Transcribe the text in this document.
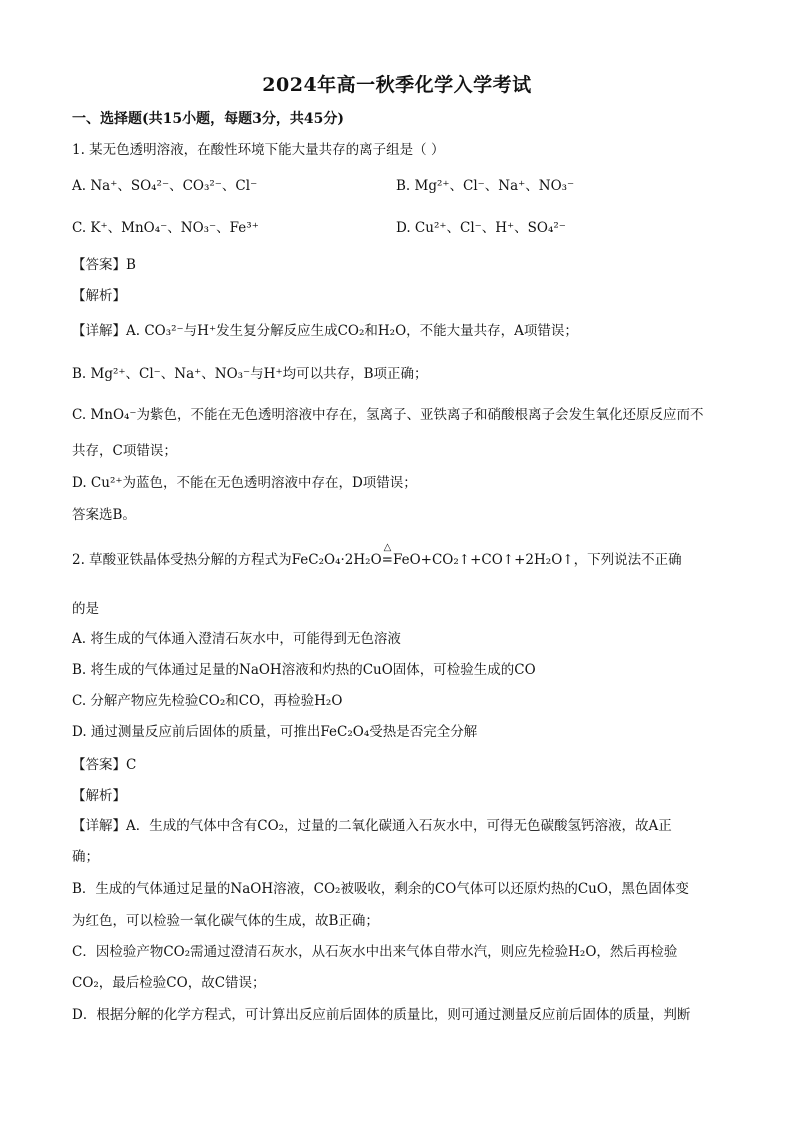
2024年高一秋季化学入学考试
一、选择题(共15小题，每题3分，共45分)
1. 某无色透明溶液，在酸性环境下能大量共存的离子组是（ ）
A. Na⁺、SO₄²⁻、CO₃²⁻、Cl⁻	B. Mg²⁺、Cl⁻、Na⁺、NO₃⁻
C. K⁺、MnO₄⁻、NO₃⁻、Fe³⁺	D. Cu²⁺、Cl⁻、H⁺、SO₄²⁻
【答案】B
【解析】
【详解】A. CO₃²⁻与H⁺发生复分解反应生成CO₂和H₂O，不能大量共存，A项错误；
B. Mg²⁺、Cl⁻、Na⁺、NO₃⁻与H⁺均可以共存，B项正确；
C. MnO₄⁻为紫色，不能在无色透明溶液中存在，氢离子、亚铁离子和硝酸根离子会发生氧化还原反应而不
共存，C项错误；
D. Cu²⁺为蓝色，不能在无色透明溶液中存在，D项错误；
答案选B。
2. 草酸亚铁晶体受热分解的方程式为FeC₂O₄·2H₂O
△
=FeO+CO₂↑+CO↑+2H₂O↑，下列说法不正确
的是
A. 将生成的气体通入澄清石灰水中，可能得到无色溶液
B. 将生成的气体通过足量的NaOH溶液和灼热的CuO固体，可检验生成的CO
C. 分解产物应先检验CO₂和CO，再检验H₂O
D. 通过测量反应前后固体的质量，可推出FeC₂O₄受热是否完全分解
【答案】C
【解析】
【详解】A．生成的气体中含有CO₂，过量的二氧化碳通入石灰水中，可得无色碳酸氢钙溶液，故A正
确；
B．生成的气体通过足量的NaOH溶液，CO₂被吸收，剩余的CO气体可以还原灼热的CuO，黑色固体变
为红色，可以检验一氧化碳气体的生成，故B正确；
C．因检验产物CO₂需通过澄清石灰水，从石灰水中出来气体自带水汽，则应先检验H₂O，然后再检验
CO₂，最后检验CO，故C错误；
D．根据分解的化学方程式，可计算出反应前后固体的质量比，则可通过测量反应前后固体的质量，判断
